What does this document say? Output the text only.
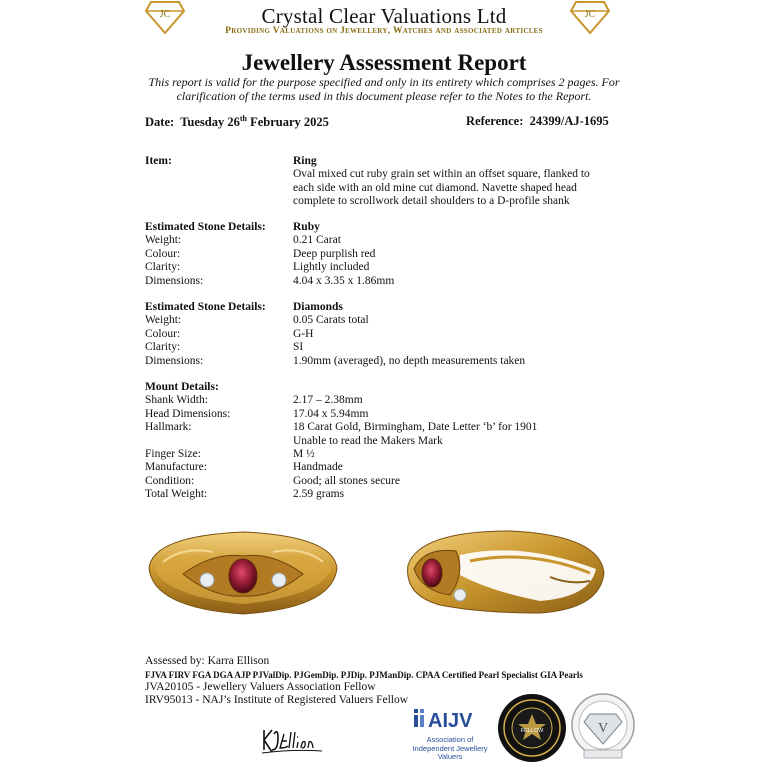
JC	JC
Crystal Clear Valuations Ltd
Providing Valuations on Jewellery, Watches and associated articles
Jewellery Assessment Report
This report is valid for the purpose specified and only in its entirety which comprises 2 pages. For
clarification of the terms used in this document please refer to the Notes to the Report.
Date: Tuesday 26th February 2025	Reference: 24399/AJ-1695
Item:	Ring
Oval mixed cut ruby grain set within an offset square, flanked to
each side with an old mine cut diamond. Navette shaped head
complete to scrollwork detail shoulders to a D-profile shank
Estimated Stone Details: Ruby
Weight:	0.21 Carat
Colour:	Deep purplish red
Clarity:	Lightly included
Dimensions:	4.04 x 3.35 x 1.86mm
Estimated Stone Details: Diamonds
Weight:	0.05 Carats total
Colour:	G-H
Clarity:	SI
Dimensions:	1.90mm (averaged), no depth measurements taken
Mount Details:
Shank Width:	2.17 – 2.38mm
Head Dimensions:	17.04 x 5.94mm
Hallmark:	18 Carat Gold, Birmingham, Date Letter ‘b’ for 1901
Unable to read the Makers Mark
Finger Size:	M ½
Manufacture:	Handmade
Condition:	Good; all stones secure
Total Weight:	2.59 grams
Assessed by: Karra Ellison
FJVA FIRV FGA DGA AJP PJValDip. PJGemDip. PJDip. PJManDip. CPAA Certified Pearl Specialist GIA Pearls
JVA20105 - Jewellery Valuers Association Fellow
IRV95013 - NAJ’s Institute of Registered Valuers Fellow
AIJV
Association of Independent Jewellery Valuers
FELLOW	V
